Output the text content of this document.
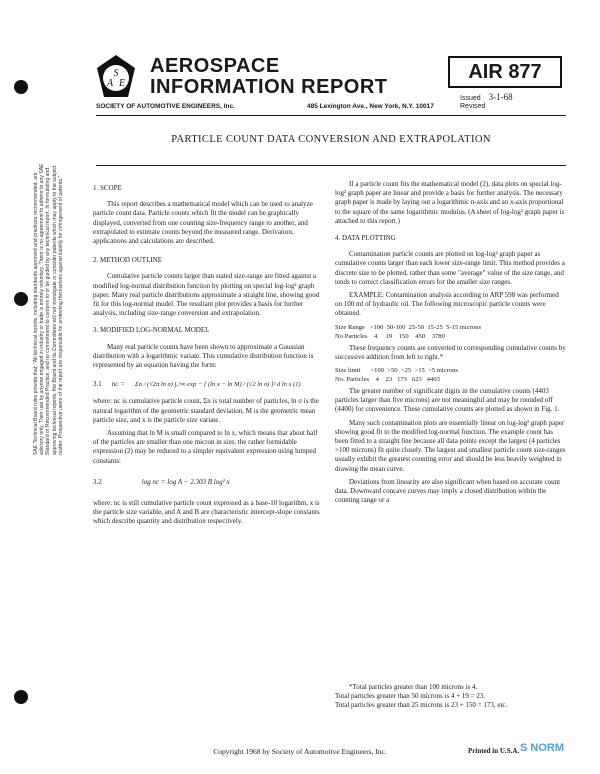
S
A E
AEROSPACE
INFORMATION REPORT
SOCIETY OF AUTOMOTIVE ENGINEERS, Inc.	485 Lexington Ave., New York, N.Y. 10017
AIR 877
Issued 3-1-68
Revised
PARTICLE COUNT DATA CONVERSION AND EXTRAPOLATION
SAE Technical Board rules provide that: "All technical reports, including standards approved and practices recommended, are advisory only. Their use by anyone engaged in industry or trade is entirely voluntary. There is no agreement to adhere to any SAE Standard or Recommended Practice, and no commitment to conform to or be guided by any technical report. In formulating and approving technical reports, the Board and its Committees will not investigate or consider patents which may apply to the subject matter. Prospective users of the report are responsible for protecting themselves against liability for infringement of patents."	1. SCOPE

This report describes a mathematical model which can be used to analyze particle count data. Particle counts which fit the model can be graphically displayed, converted from one counting size-frequency range to another, and extrapolated to estimate counts beyond the measured range. Derivation, applications and calculations are described.

2. METHOD OUTLINE

Cumulative particle counts larger than stated size-range are fitted against a modified log-normal distribution function by plotting on special log-log² graph paper. Many real particle distributions approximate a straight line, showing good fit for this log-normal model. The resultant plot provides a basis for further analysis, including size-range conversion and extrapolation.

3. MODIFIED LOG-NORMAL MODEL

Many real particle counts have been shown to approximate a Gaussian distribution with a logarithmic variate. This cumulative distribution function is represented by an equation having the form:

3.1 nc = Σn / (√2π ln σ) ∫ₓ^∞ exp − [ (ln x − ln M) / (√2 ln σ) ]² d ln x (1)

where: nc is cumulative particle count, Σn is total number of particles, ln σ is the natural logarithm of the geometric standard deviation, M is the geometric mean particle size, and x is the particle size variate.

Assuming that ln M is small compared to ln x, which means that about half of the particles are smaller than one micron in size, the rather formidable expression (2) may be reduced to a simpler equivalent expression using lumped constants:

3.2	log nc = log A − 2.303 B log² x

where: nc is still cumulative particle count expressed as a base-10 logarithm, x is the particle size variable, and A and B are characteristic intercept-slope constants which describe quantity and distribution respectively.

If a particle count fits the mathematical model (2), data plots on special log-log² graph paper are linear and provide a basis for further analysis. The necessary graph paper is made by laying out a logarithmic n-axis and an x-axis proportional to the square of the same logarithmic modulus. (A sheet of log-log² graph paper is attached to this report.)

4. DATA PLOTTING

Contamination particle counts are plotted on log-log² graph paper as cumulative counts larger than each lower size-range limit. This method provides a discrete size to be plotted, rather than some "average" value of the size range, and tends to correct classification errors for the smaller size ranges.

EXAMPLE: Contamination analysis according to ARP 598 was performed on 100 ml of hydraulic oil. The following microscopic particle counts were obtained.

Size Range   >100  50-100  25-50  15-25  5-15 microns
No Particles    4     19    150    450    3780

These frequency counts are converted to corresponding cumulative counts by successive addition from left to right.*

Size limit      >100  >50  >25  >15  >5 microns
No. Particles    4    23   173   623   4403

The greater number of significant digits in the cumulative counts (4403 particles larger than five microns) are not meaningful and may be rounded off (4400) for convenience. These cumulative counts are plotted as shown in Fig. 1.

Many such contamination plots are essentially linear on log-log² graph paper showing good fit to the modified log-normal function. The example count has been fitted to a straight line because all data points except the largest (4 particles >100 microns) fit quite closely. The largest and smallest particle count size-ranges usually exhibit the greatest counting error and should be less heavily weighted in drawing the mean curve.

Deviations from linearity are also significant when based on accurate count data. Downward concave curves may imply a closed distribution within the counting range or a

*Total particles greater than 100 microns is 4.
Total particles greater than 50 microns is 4 + 19 = 23.
Total particles greater than 25 microns is 23 + 150 = 173, etc.
Copyright 1968 by Society of Automotive Engineers, Inc.	Printed in U.S.A. S NORM
